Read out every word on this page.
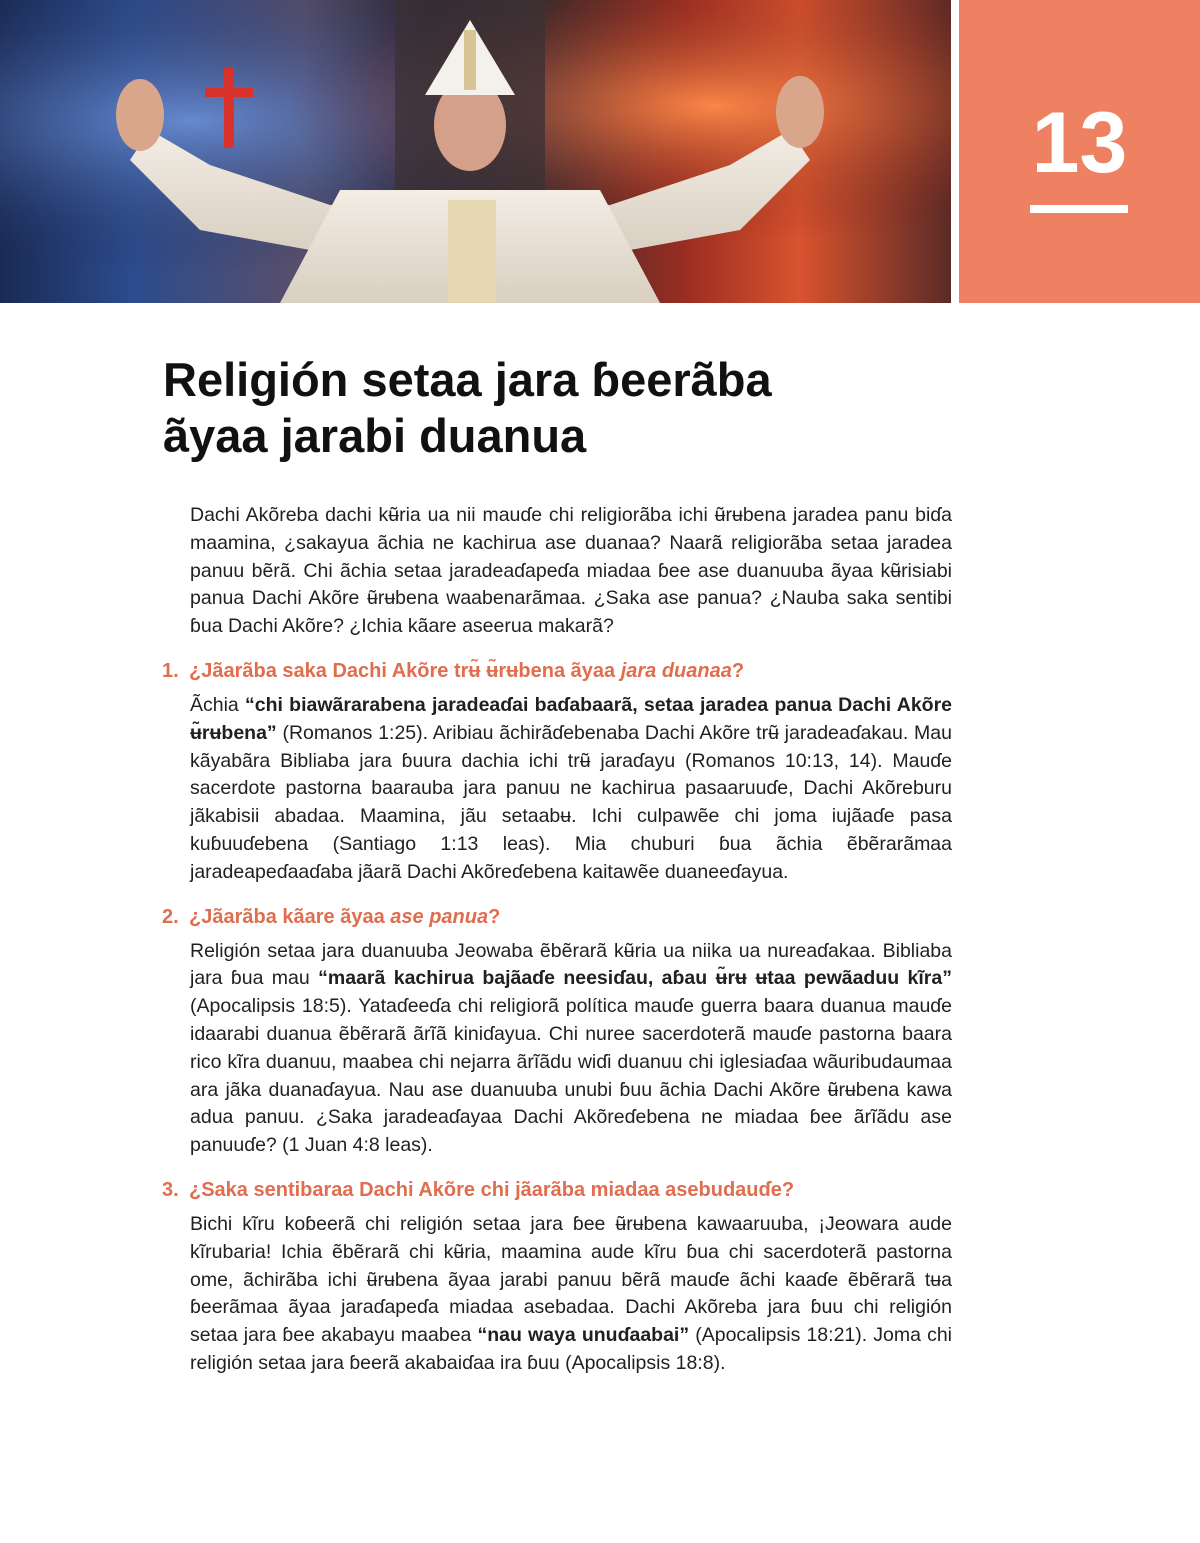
13
Religión setaa jara ɓeerãba
ãyaa jarabi duanua

Dachi Akõreba dachi kʉ̃ria ua nii mauɗe chi religiorãba ichi ʉ̃rʉbena jaradea panu biɗa maamina, ¿sakayua ãchia ne kachirua ase duanaa? Naarã religiorãba setaa jaradea panuu bẽrã. Chi ãchia setaa jaradeaɗapeɗa miadaa ɓee ase duanuuba ãyaa kʉ̃risiabi panua Dachi Akõre ʉ̃rʉbena waabenarãmaa. ¿Saka ase panua? ¿Nauba saka sentibi ɓua Dachi Akõre? ¿Ichia kãare aseerua makarã?

1. ¿Jãarãba saka Dachi Akõre trʉ̃ ʉ̃rʉbena ãyaa jara duanaa?

Ãchia “chi biawãrarabena jaradeaɗai baɗabaarã, setaa jaradea panua Dachi Akõre ʉ̃rʉbena” (Romanos 1:25). Aribiau ãchirãɗebenaba Dachi Akõre trʉ̃ jaradeaɗakau. Mau kãyabãra Bibliaba jara ɓuura dachia ichi trʉ̃ jaraɗayu (Romanos 10:13, 14). Mauɗe sacerdote pastorna baarauba jara panuu ne kachirua pasaaruuɗe, Dachi Akõreburu jãkabisii abadaa. Maamina, jãu setaabʉ. Ichi culpawẽe chi joma iujãaɗe pasa kuɓuuɗebena (Santiago 1:13 leas). Mia chuburi ɓua ãchia ẽbẽrarãmaa jaradeapeɗaaɗaba jãarã Dachi Akõreɗebena kaitawẽe duaneeɗayua.

2. ¿Jãarãba kãare ãyaa ase panua?

Religión setaa jara duanuuba Jeowaba ẽbẽrarã kʉ̃ria ua niika ua nureaɗakaa. Bibliaba jara ɓua mau “maarã kachirua bajãaɗe neesiɗau, aɓau ʉ̃rʉ ʉtaa pewãaduu kĩra” (Apocalipsis 18:5). Yataɗeeɗa chi religiorã política mauɗe guerra baara duanua mauɗe idaarabi duanua ẽbẽrarã ãrĩã kiniɗayua. Chi nuree sacerdoterã mauɗe pastorna baara rico kĩra duanuu, maabea chi nejarra ãrĩãdu wiɗi duanuu chi iglesiaɗaa wãuribudaumaa ara jãka duanaɗayua. Nau ase duanuuba unubi ɓuu ãchia Dachi Akõre ʉ̃rʉbena kawa adua panuu. ¿Saka jaradeaɗayaa Dachi Akõreɗebena ne miadaa ɓee ãrĩãdu ase panuuɗe? (1 Juan 4:8 leas).

3. ¿Saka sentibaraa Dachi Akõre chi jãarãba miadaa asebudauɗe?

Bichi kĩru koɓeerã chi religión setaa jara ɓee ʉ̃rʉbena kawaaruuba, ¡Jeowara aude kĩrubaria! Ichia ẽbẽrarã chi kʉ̃ria, maamina aude kĩru ɓua chi sacerdoterã pastorna ome, ãchirãba ichi ʉ̃rʉbena ãyaa jarabi panuu bẽrã mauɗe ãchi kaaɗe ẽbẽrarã tʉa ɓeerãmaa ãyaa jaraɗapeɗa miadaa asebadaa. Dachi Akõreba jara ɓuu chi religión setaa jara ɓee akabayu maabea “nau waya unuɗaabai” (Apocalipsis 18:21). Joma chi religión setaa jara ɓeerã akabaiɗaa ira ɓuu (Apocalipsis 18:8).
